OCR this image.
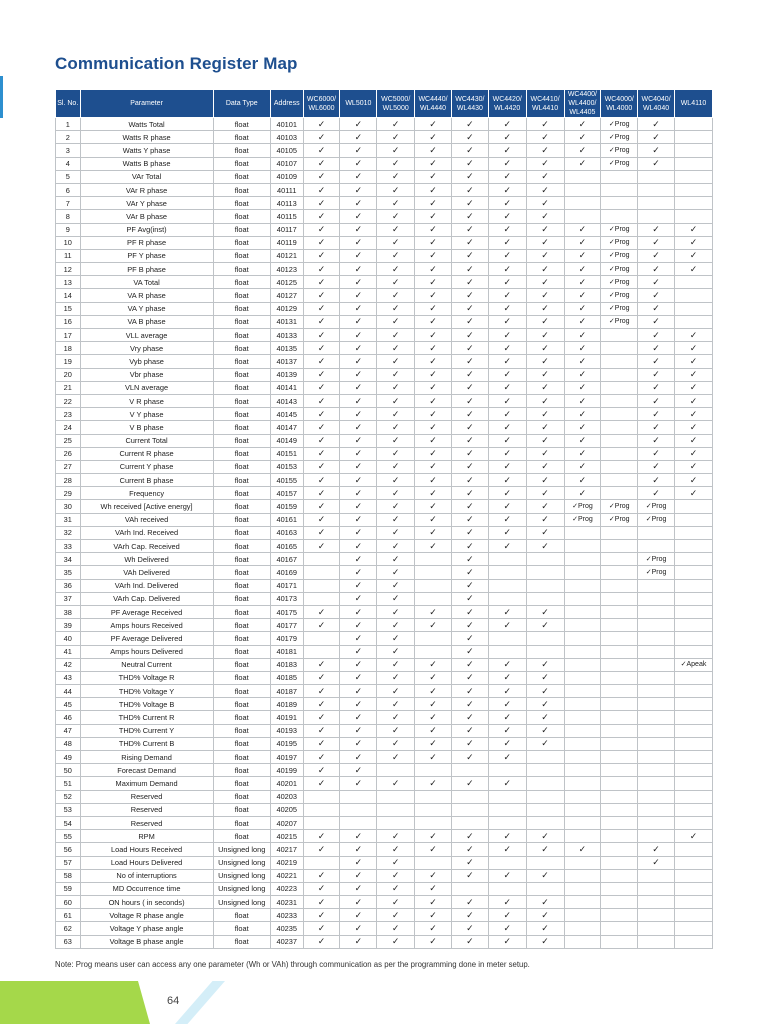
Communication Register Map
Sl. No.	Parameter	Data Type	Address	WC6000/ WL6000	WL5010	WC5000/ WL5000	WC4440/ WL4440	WC4430/ WL4430	WC4420/ WL4420	WC4410/ WL4410	WC4400/ WL4400/ WL4405	WC4000/ WL4000	WC4040/ WL4040	WL4110
1	Watts Total	float	40101	✓	✓	✓	✓	✓	✓	✓	✓	✓Prog	✓	
2	Watts R phase	float	40103	✓	✓	✓	✓	✓	✓	✓	✓	✓Prog	✓	
3	Watts Y phase	float	40105	✓	✓	✓	✓	✓	✓	✓	✓	✓Prog	✓	
4	Watts B phase	float	40107	✓	✓	✓	✓	✓	✓	✓	✓	✓Prog	✓	
5	VAr Total	float	40109	✓	✓	✓	✓	✓	✓	✓				
6	VAr R phase	float	40111	✓	✓	✓	✓	✓	✓	✓				
7	VAr Y phase	float	40113	✓	✓	✓	✓	✓	✓	✓				
8	VAr B phase	float	40115	✓	✓	✓	✓	✓	✓	✓				
9	PF Avg(inst)	float	40117	✓	✓	✓	✓	✓	✓	✓	✓	✓Prog	✓	✓
10	PF R phase	float	40119	✓	✓	✓	✓	✓	✓	✓	✓	✓Prog	✓	✓
11	PF Y phase	float	40121	✓	✓	✓	✓	✓	✓	✓	✓	✓Prog	✓	✓
12	PF B phase	float	40123	✓	✓	✓	✓	✓	✓	✓	✓	✓Prog	✓	✓
13	VA Total	float	40125	✓	✓	✓	✓	✓	✓	✓	✓	✓Prog	✓	
14	VA R phase	float	40127	✓	✓	✓	✓	✓	✓	✓	✓	✓Prog	✓	
15	VA Y phase	float	40129	✓	✓	✓	✓	✓	✓	✓	✓	✓Prog	✓	
16	VA B phase	float	40131	✓	✓	✓	✓	✓	✓	✓	✓	✓Prog	✓	
17	VLL average	float	40133	✓	✓	✓	✓	✓	✓	✓	✓		✓	✓
18	Vry phase	float	40135	✓	✓	✓	✓	✓	✓	✓	✓		✓	✓
19	Vyb phase	float	40137	✓	✓	✓	✓	✓	✓	✓	✓		✓	✓
20	Vbr phase	float	40139	✓	✓	✓	✓	✓	✓	✓	✓		✓	✓
21	VLN average	float	40141	✓	✓	✓	✓	✓	✓	✓	✓		✓	✓
22	V R phase	float	40143	✓	✓	✓	✓	✓	✓	✓	✓		✓	✓
23	V Y phase	float	40145	✓	✓	✓	✓	✓	✓	✓	✓		✓	✓
24	V B phase	float	40147	✓	✓	✓	✓	✓	✓	✓	✓		✓	✓
25	Current Total	float	40149	✓	✓	✓	✓	✓	✓	✓	✓		✓	✓
26	Current R phase	float	40151	✓	✓	✓	✓	✓	✓	✓	✓		✓	✓
27	Current Y phase	float	40153	✓	✓	✓	✓	✓	✓	✓	✓		✓	✓
28	Current B phase	float	40155	✓	✓	✓	✓	✓	✓	✓	✓		✓	✓
29	Frequency	float	40157	✓	✓	✓	✓	✓	✓	✓	✓		✓	✓
30	Wh received [Active energy]	float	40159	✓	✓	✓	✓	✓	✓	✓	✓Prog	✓Prog	✓Prog	
31	VAh received	float	40161	✓	✓	✓	✓	✓	✓	✓	✓Prog	✓Prog	✓Prog	
32	VArh Ind. Received	float	40163	✓	✓	✓	✓	✓	✓	✓				
33	VArh Cap. Received	float	40165	✓	✓	✓	✓	✓	✓	✓				
34	Wh Delivered	float	40167		✓	✓		✓					✓Prog	
35	VAh Delivered	float	40169		✓	✓		✓					✓Prog	
36	VArh Ind. Delivered	float	40171		✓	✓		✓						
37	VArh Cap. Delivered	float	40173		✓	✓		✓						
38	PF Average Received	float	40175	✓	✓	✓	✓	✓	✓	✓				
39	Amps hours Received	float	40177	✓	✓	✓	✓	✓	✓	✓				
40	PF Average Delivered	float	40179		✓	✓		✓						
41	Amps hours Delivered	float	40181		✓	✓		✓						
42	Neutral Current	float	40183	✓	✓	✓	✓	✓	✓	✓				✓Apeak
43	THD% Voltage R	float	40185	✓	✓	✓	✓	✓	✓	✓				
44	THD% Voltage Y	float	40187	✓	✓	✓	✓	✓	✓	✓				
45	THD% Voltage B	float	40189	✓	✓	✓	✓	✓	✓	✓				
46	THD% Current R	float	40191	✓	✓	✓	✓	✓	✓	✓				
47	THD% Current Y	float	40193	✓	✓	✓	✓	✓	✓	✓				
48	THD% Current B	float	40195	✓	✓	✓	✓	✓	✓	✓				
49	Rising Demand	float	40197	✓	✓	✓	✓	✓	✓					
50	Forecast Demand	float	40199	✓	✓									
51	Maximum Demand	float	40201	✓	✓	✓	✓	✓	✓					
52	Reserved	float	40203											
53	Reserved	float	40205											
54	Reserved	float	40207											
55	RPM	float	40215	✓	✓	✓	✓	✓	✓	✓				✓
56	Load Hours Received	Unsigned long	40217	✓	✓	✓	✓	✓	✓	✓	✓		✓	
57	Load Hours Delivered	Unsigned long	40219		✓	✓		✓					✓	
58	No of interruptions	Unsigned long	40221	✓	✓	✓	✓	✓	✓	✓				
59	MD Occurrence time	Unsigned long	40223	✓	✓	✓	✓							
60	ON hours ( in seconds)	Unsigned long	40231	✓	✓	✓	✓	✓	✓	✓				
61	Voltage R phase angle	float	40233	✓	✓	✓	✓	✓	✓	✓				
62	Voltage Y phase angle	float	40235	✓	✓	✓	✓	✓	✓	✓				
63	Voltage B phase angle	float	40237	✓	✓	✓	✓	✓	✓	✓				
Note: Prog means user can access any one parameter (Wh or VAh) through communication as per the programming done in meter setup.
64
